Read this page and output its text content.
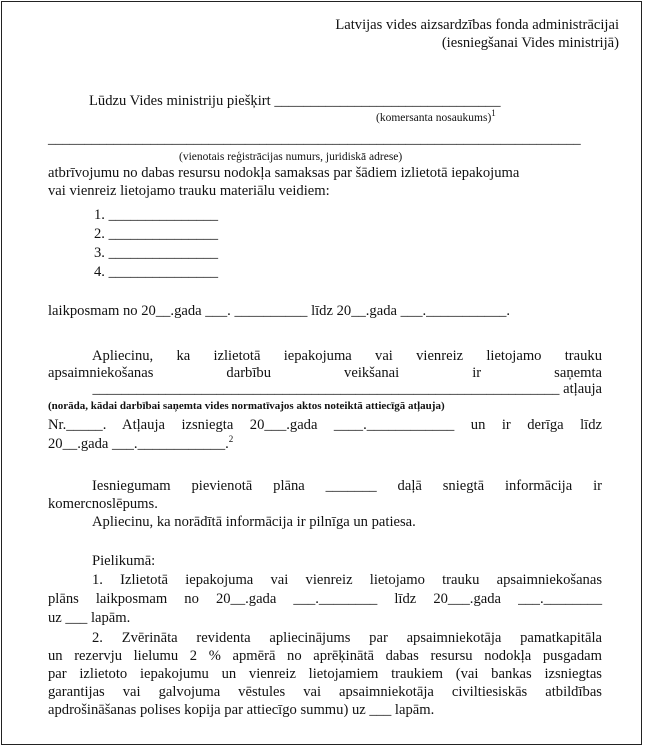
Latvijas vides aizsardzības fonda administrācijai
(iesniegšanai Vides ministrijā)
Lūdzu Vides ministriju piešķirt _______________________________
(komersanta nosaukums)$^1$
_________________________________________________________________________
(vienotais reģistrācijas numurs, juridiskā adrese)
atbrīvojumu no dabas resursu nodokļa samaksas par šādiem izlietotā iepakojuma
vai vienreiz lietojamo trauku materiālu veidiem:
1. _______________
2. _______________
3. _______________
4. _______________
laikposmam no 20__.gada ___. __________ līdz 20__.gada ___.___________.
Apliecinu, ka izlietotā iepakojuma vai vienreiz lietojamo trauku
apsaimniekošanas darbību veikšanai ir saņemta
________________________________________________________________ atļauja
(norāda, kādai darbībai saņemta vides normatīvajos aktos noteiktā attiecīgā atļauja)
Nr._____. Atļauja izsniegta 20___.gada ____.____________ un ir derīga līdz
20__.gada ___.____________.$^2$
Iesniegumam pievienotā plāna _______ daļā sniegtā informācija ir
komercnoslēpums.
Apliecinu, ka norādītā informācija ir pilnīga un patiesa.
Pielikumā:
1. Izlietotā iepakojuma vai vienreiz lietojamo trauku apsaimniekošanas
plāns laikposmam no 20__.gada ___.________ līdz 20___.gada ___.________
uz ___ lapām.
2. Zvērināta revidenta apliecinājums par apsaimniekotāja pamatkapitāla
un rezervju lielumu 2 % apmērā no aprēķinātā dabas resursu nodokļa pusgadam
par izlietoto iepakojumu un vienreiz lietojamiem traukiem (vai bankas izsniegtas
garantijas vai galvojuma vēstules vai apsaimniekotāja civiltiesiskās atbildības
apdrošināšanas polises kopija par attiecīgo summu) uz ___ lapām.
